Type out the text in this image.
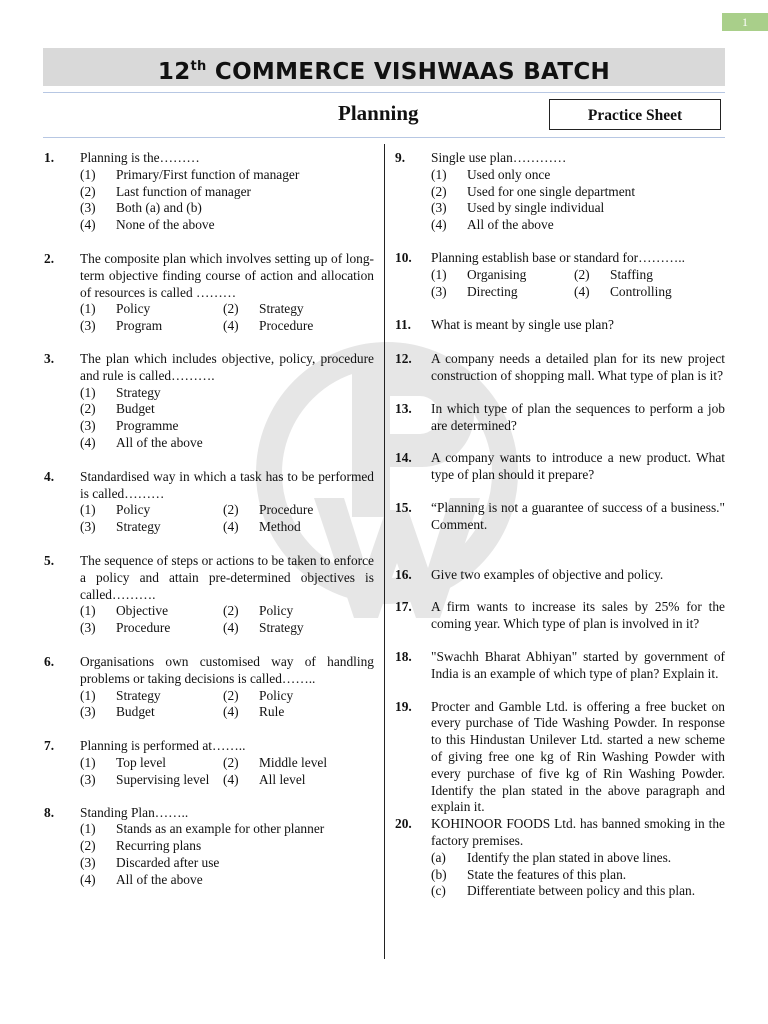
1
12th COMMERCE VISHWAAS BATCH
Planning	Practice Sheet
1. Planning is the………
(1)	Primary/First function of manager
(2)	Last function of manager
(3)	Both (a) and (b)
(4)	None of the above
2. The composite plan which involves setting up of long-term objective finding course of action and allocation of resources is called ………
(1)	Policy	(2)	Strategy
(3)	Program	(4)	Procedure
3. The plan which includes objective, policy, procedure and rule is called……….
(1)	Strategy
(2)	Budget
(3)	Programme
(4)	All of the above
4. Standardised way in which a task has to be performed is called………
(1)	Policy	(2)	Procedure
(3)	Strategy	(4)	Method
5. The sequence of steps or actions to be taken to enforce a policy and attain pre-determined objectives is called……….
(1)	Objective	(2)	Policy
(3)	Procedure	(4)	Strategy
6. Organisations own customised way of handling problems or taking decisions is called……..
(1)	Strategy	(2)	Policy
(3)	Budget	(4)	Rule
7. Planning is performed at……..
(1)	Top level	(2)	Middle level
(3)	Supervising level	(4)	All level
8. Standing Plan……..
(1)	Stands as an example for other planner
(2)	Recurring plans
(3)	Discarded after use
(4)	All of the above
9. Single use plan…………
(1)	Used only once
(2)	Used for one single department
(3)	Used by single individual
(4)	All of the above
10. Planning establish base or standard for………..
(1)	Organising	(2)	Staffing
(3)	Directing	(4)	Controlling
11. What is meant by single use plan?
12. A company needs a detailed plan for its new project construction of shopping mall. What type of plan is it?
13. In which type of plan the sequences to perform a job are determined?
14. A company wants to introduce a new product. What type of plan should it prepare?
15. “Planning is not a guarantee of success of a business." Comment.
16. Give two examples of objective and policy.
17. A firm wants to increase its sales by 25% for the coming year. Which type of plan is involved in it?
18. "Swachh Bharat Abhiyan" started by government of India is an example of which type of plan? Explain it.
19. Procter and Gamble Ltd. is offering a free bucket on every purchase of Tide Washing Powder. In response to this Hindustan Unilever Ltd. started a new scheme of giving free one kg of Rin Washing Powder with every purchase of five kg of Rin Washing Powder. Identify the plan stated in the above paragraph and explain it.
20. KOHINOOR FOODS Ltd. has banned smoking in the factory premises.
(a)	Identify the plan stated in above lines.
(b)	State the features of this plan.
(c)	Differentiate between policy and this plan.
